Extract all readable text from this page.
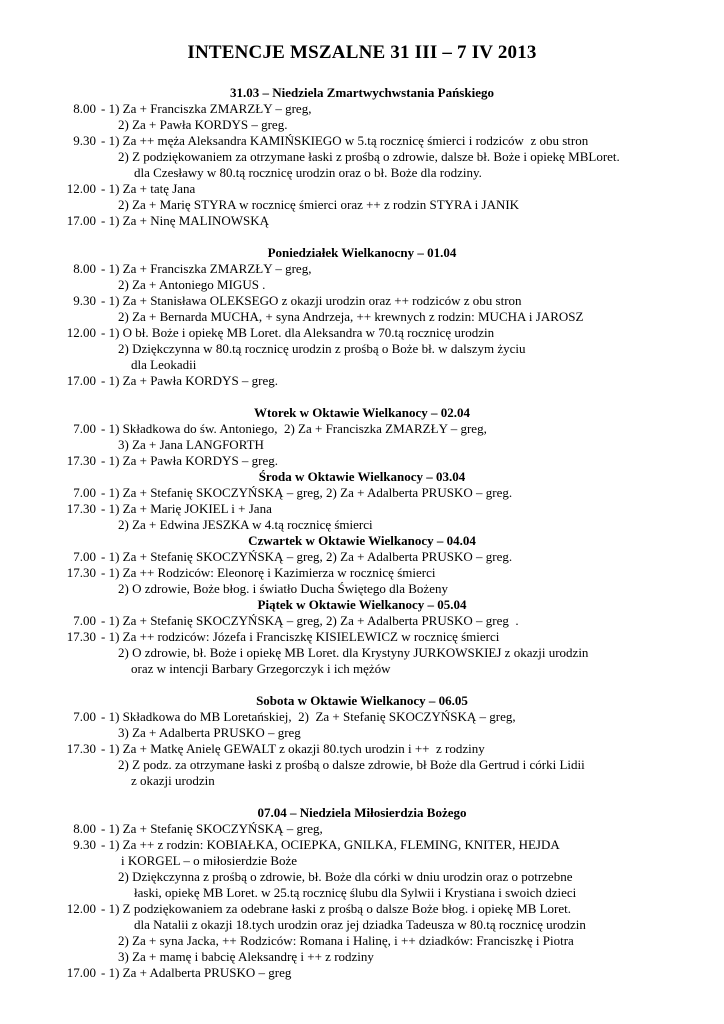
INTENCJE MSZALNE 31 III – 7 IV 2013
31.03 – Niedziela Zmartwychwstania Pańskiego
8.00 - 1) Za + Franciszka ZMARZŁY – greg,
2) Za + Pawła KORDYS – greg.
9.30 - 1) Za ++ męża Aleksandra KAMIŃSKIEGO w 5.tą rocznicę śmierci i rodziców  z obu stron
2) Z podziękowaniem za otrzymane łaski z prośbą o zdrowie, dalsze bł. Boże i opiekę MBLoret.
dla Czesławy w 80.tą rocznicę urodzin oraz o bł. Boże dla rodziny.
12.00 - 1) Za + tatę Jana
2) Za + Marię STYRA w rocznicę śmierci oraz ++ z rodzin STYRA i JANIK
17.00 - 1) Za + Ninę MALINOWSKĄ
Poniedziałek Wielkanocny – 01.04
8.00 - 1) Za + Franciszka ZMARZŁY – greg,
2) Za + Antoniego MIGUS .
9.30 - 1) Za + Stanisława OLEKSEGO z okazji urodzin oraz ++ rodziców z obu stron
2) Za + Bernarda MUCHA, + syna Andrzeja, ++ krewnych z rodzin: MUCHA i JAROSZ
12.00 - 1) O bł. Boże i opiekę MB Loret. dla Aleksandra w 70.tą rocznicę urodzin
2) Dziękczynna w 80.tą rocznicę urodzin z prośbą o Boże bł. w dalszym życiu
dla Leokadii
17.00 - 1) Za + Pawła KORDYS – greg.
Wtorek w Oktawie Wielkanocy – 02.04
7.00 - 1) Składkowa do św. Antoniego,  2) Za + Franciszka ZMARZŁY – greg,
3) Za + Jana LANGFORTH
17.30 - 1) Za + Pawła KORDYS – greg.
Środa w Oktawie Wielkanocy – 03.04
7.00 - 1) Za + Stefanię SKOCZYŃSKĄ – greg, 2) Za + Adalberta PRUSKO – greg.
17.30 - 1) Za + Marię JOKIEL i + Jana
2) Za + Edwina JESZKA w 4.tą rocznicę śmierci
Czwartek w Oktawie Wielkanocy – 04.04
7.00 - 1) Za + Stefanię SKOCZYŃSKĄ – greg, 2) Za + Adalberta PRUSKO – greg.
17.30 - 1) Za ++ Rodziców: Eleonorę i Kazimierza w rocznicę śmierci
2) O zdrowie, Boże błog. i światło Ducha Świętego dla Bożeny
Piątek w Oktawie Wielkanocy – 05.04
7.00 - 1) Za + Stefanię SKOCZYŃSKĄ – greg, 2) Za + Adalberta PRUSKO – greg  .
17.30 - 1) Za ++ rodziców: Józefa i Franciszkę KISIELEWICZ w rocznicę śmierci
2) O zdrowie, bł. Boże i opiekę MB Loret. dla Krystyny JURKOWSKIEJ z okazji urodzin
oraz w intencji Barbary Grzegorczyk i ich mężów
Sobota w Oktawie Wielkanocy – 06.05
7.00 - 1) Składkowa do MB Loretańskiej,  2)  Za + Stefanię SKOCZYŃSKĄ – greg,
3) Za + Adalberta PRUSKO – greg
17.30 - 1) Za + Matkę Anielę GEWALT z okazji 80.tych urodzin i ++  z rodziny
2) Z podz. za otrzymane łaski z prośbą o dalsze zdrowie, bł Boże dla Gertrud i córki Lidii
z okazji urodzin
07.04 – Niedziela Miłosierdzia Bożego
8.00 - 1) Za + Stefanię SKOCZYŃSKĄ – greg,
9.30 - 1) Za ++ z rodzin: KOBIAŁKA, OCIEPKA, GNILKA, FLEMING, KNITER, HEJDA
i KORGEL – o miłosierdzie Boże
2) Dziękczynna z prośbą o zdrowie, bł. Boże dla córki w dniu urodzin oraz o potrzebne
łaski, opiekę MB Loret. w 25.tą rocznicę ślubu dla Sylwii i Krystiana i swoich dzieci
12.00 - 1) Z podziękowaniem za odebrane łaski z prośbą o dalsze Boże błog. i opiekę MB Loret.
dla Natalii z okazji 18.tych urodzin oraz jej dziadka Tadeusza w 80.tą rocznicę urodzin
2) Za + syna Jacka, ++ Rodziców: Romana i Halinę, i ++ dziadków: Franciszkę i Piotra
3) Za + mamę i babcię Aleksandrę i ++ z rodziny
17.00 - 1) Za + Adalberta PRUSKO – greg
